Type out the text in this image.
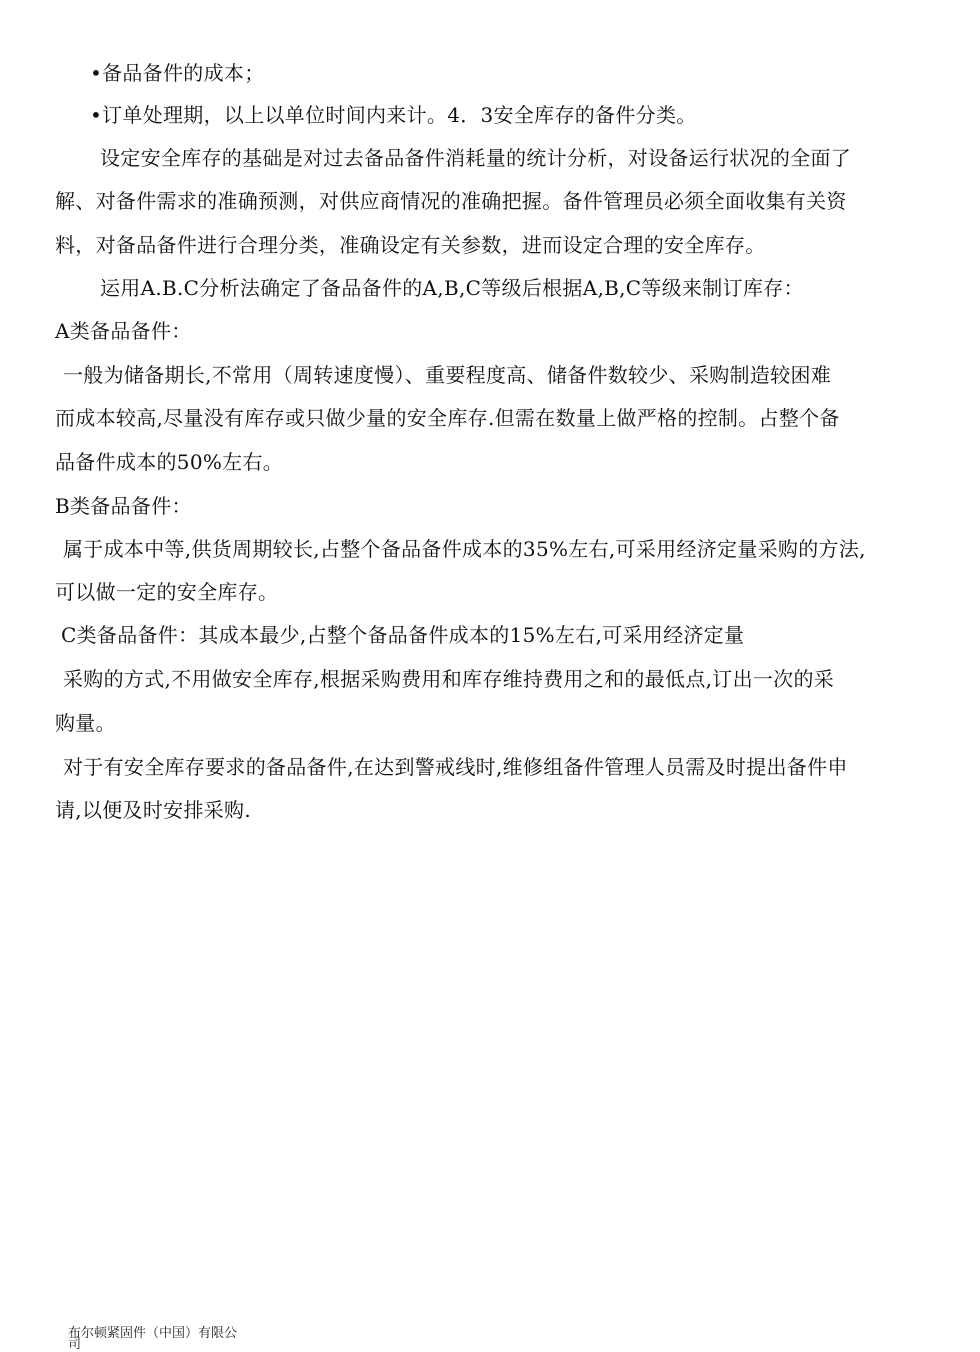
•备品备件的成本；
•订单处理期，以上以单位时间内来计。4．3安全库存的备件分类。
设定安全库存的基础是对过去备品备件消耗量的统计分析，对设备运行状况的全面了
解、对备件需求的准确预测，对供应商情况的准确把握。备件管理员必须全面收集有关资
料，对备品备件进行合理分类，准确设定有关参数，进而设定合理的安全库存。
运用A.B.C分析法确定了备品备件的A,B,C等级后根据A,B,C等级来制订库存：
A类备品备件：
一般为储备期长,不常用（周转速度慢）、重要程度高、储备件数较少、采购制造较困难
而成本较高,尽量没有库存或只做少量的安全库存.但需在数量上做严格的控制。占整个备
品备件成本的50%左右。
B类备品备件：
属于成本中等,供货周期较长,占整个备品备件成本的35%左右,可采用经济定量采购的方法,
可以做一定的安全库存。
C类备品备件：其成本最少,占整个备品备件成本的15%左右,可采用经济定量
采购的方式,不用做安全库存,根据采购费用和库存维持费用之和的最低点,订出一次的采
购量。
对于有安全库存要求的备品备件,在达到警戒线时,维修组备件管理人员需及时提出备件申
请,以便及时安排采购.
布尔顿紧固件（中国）有限公
司
